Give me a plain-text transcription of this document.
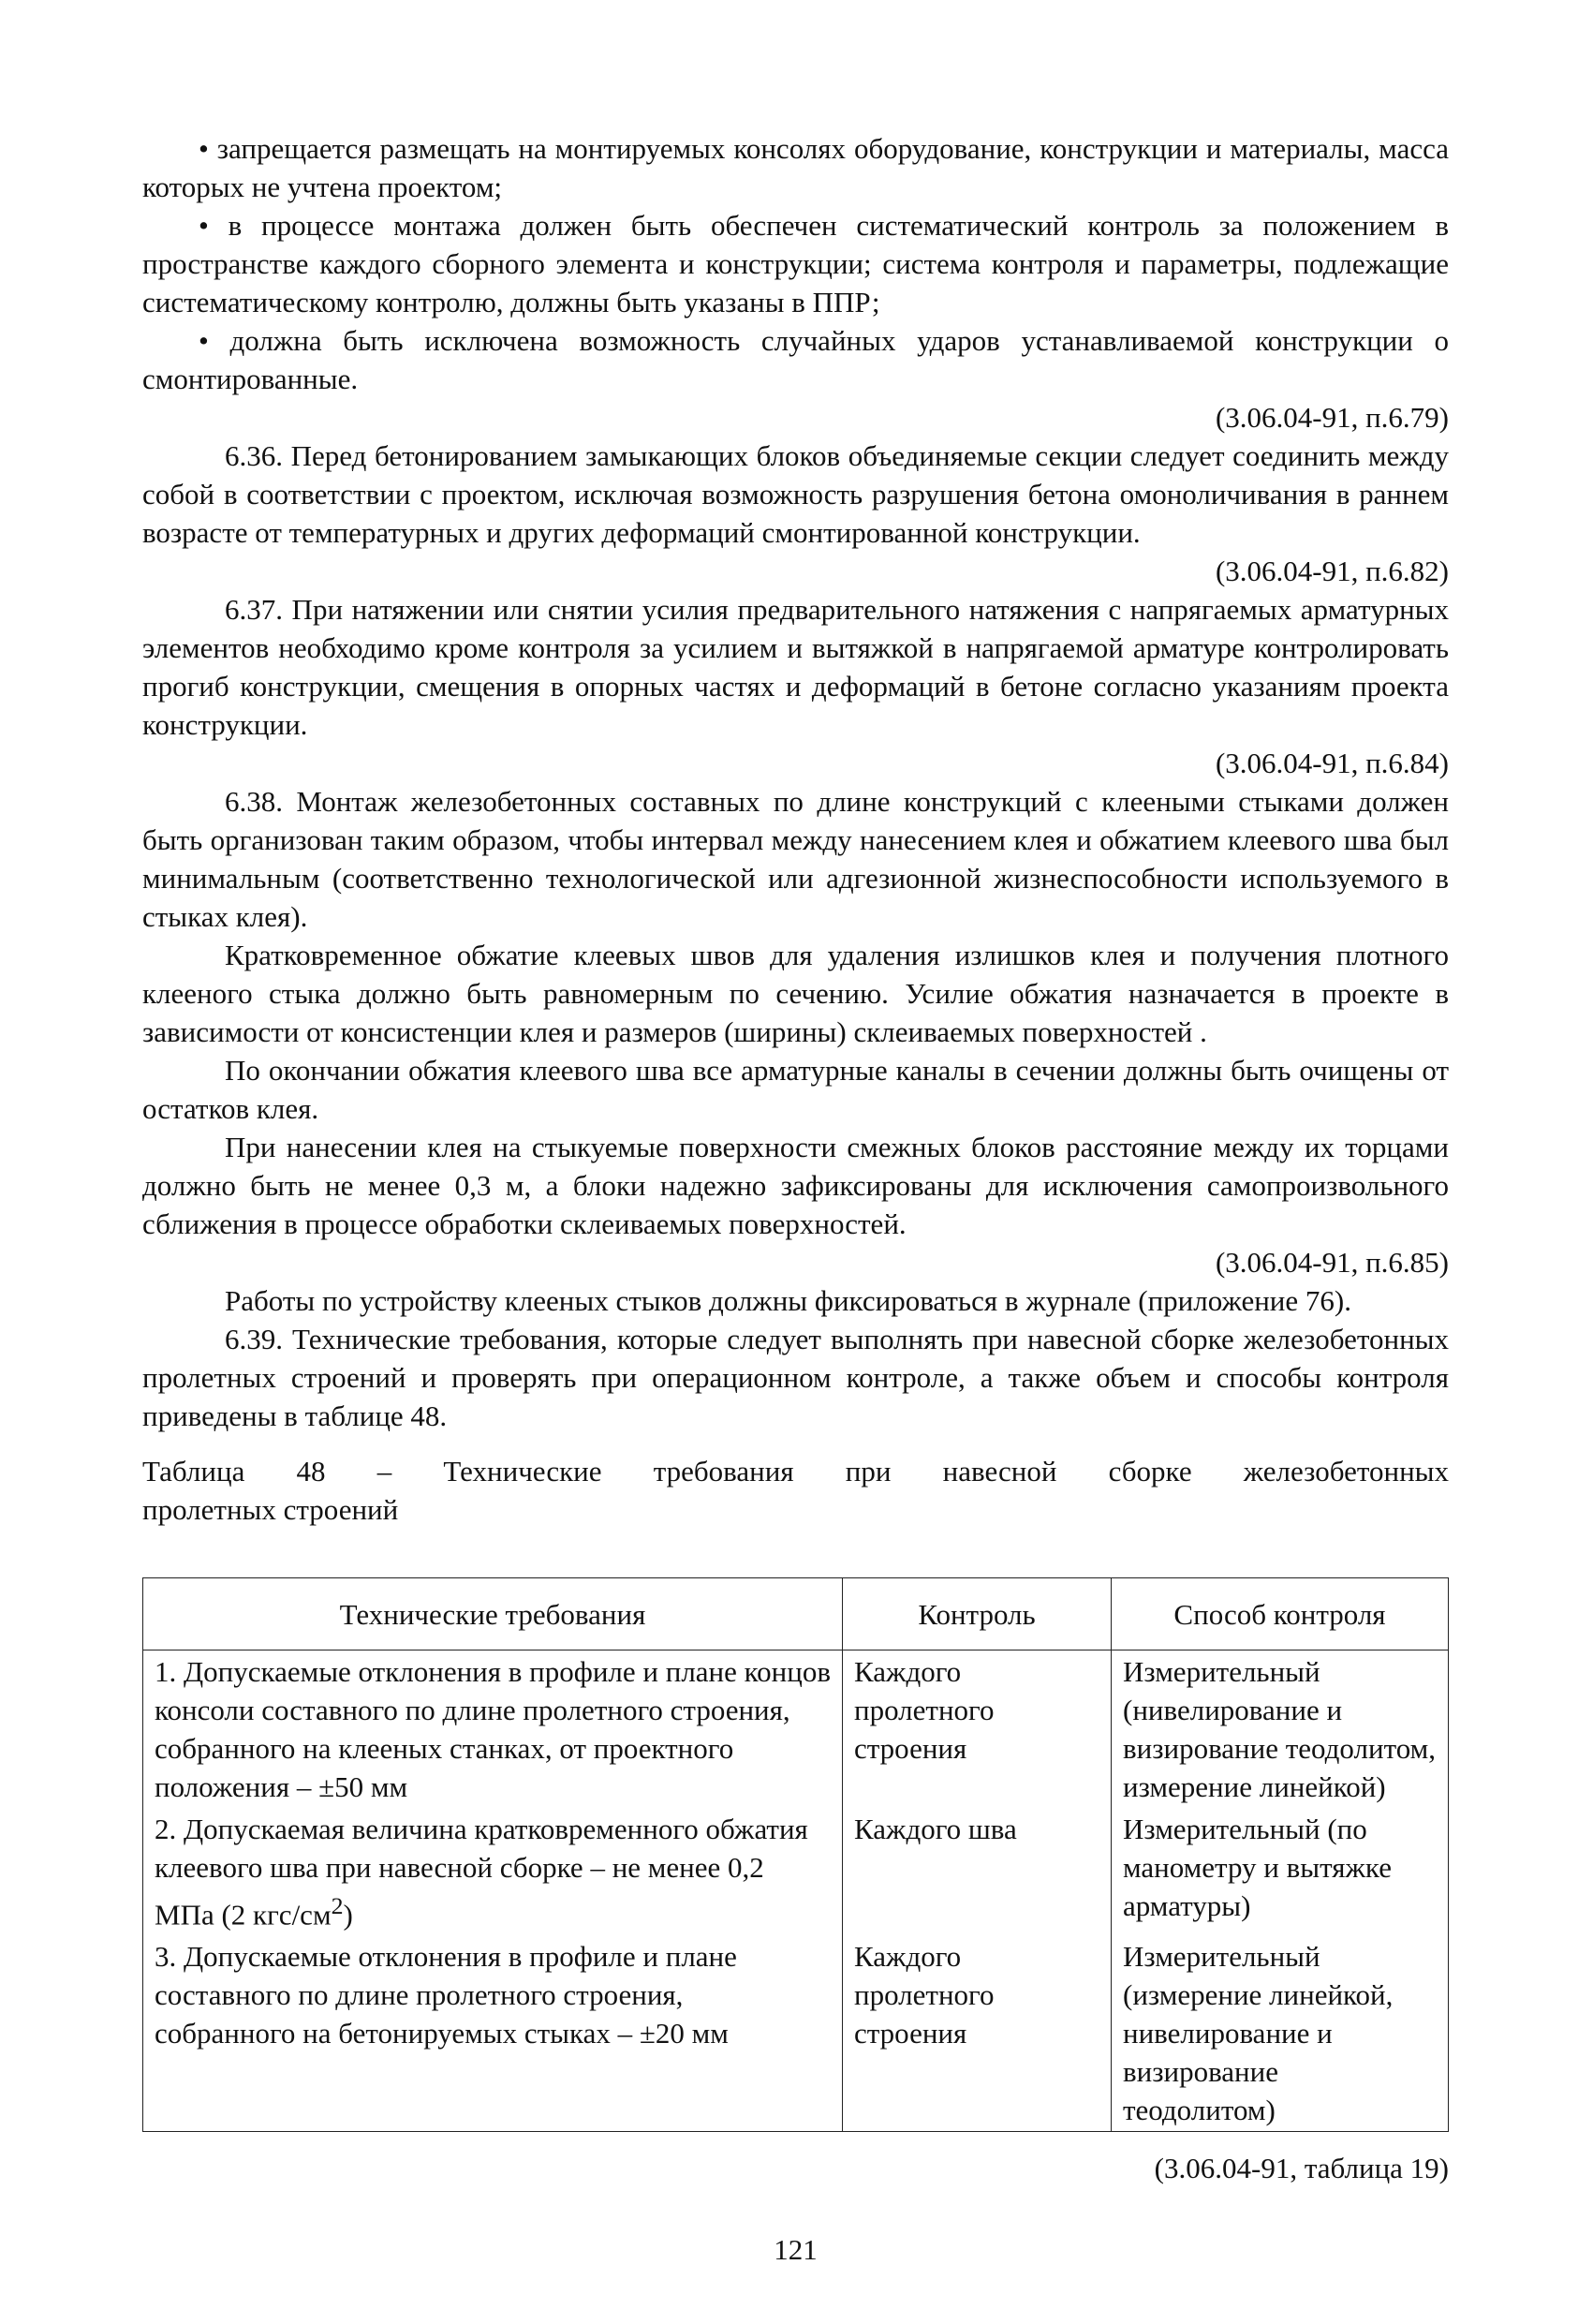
• запрещается размещать на монтируемых консолях оборудование, конструкции и материалы, масса которых не учтена проектом;

• в процессе монтажа должен быть обеспечен систематический контроль за положением в пространстве каждого сборного элемента и конструкции; система контроля и параметры, подлежащие систематическому контролю, должны быть указаны в ППР;

• должна быть исключена возможность случайных ударов устанавливаемой конструкции о смонтированные.

(3.06.04-91, п.6.79)

6.36. Перед бетонированием замыкающих блоков объединяемые секции следует соединить между собой в соответствии с проектом, исключая возможность разрушения бетона омоноличивания в раннем возрасте от температурных и других деформаций смонтированной конструкции.

(3.06.04-91, п.6.82)

6.37. При натяжении или снятии усилия предварительного натяжения с напрягаемых арматурных элементов необходимо кроме контроля за усилием и вытяжкой в напрягаемой арматуре контролировать прогиб конструкции, смещения в опорных частях и деформаций в бетоне согласно указаниям проекта конструкции.

(3.06.04-91, п.6.84)

6.38. Монтаж железобетонных составных по длине конструкций с клееными стыками должен быть организован таким образом, чтобы интервал между нанесением клея и обжатием клеевого шва был минимальным (соответственно технологической или адгезионной жизнеспособности используемого в стыках клея).

Кратковременное обжатие клеевых швов для удаления излишков клея и получения плотного клееного стыка должно быть равномерным по сечению. Усилие обжатия назначается в проекте в зависимости от консистенции клея и размеров (ширины) склеиваемых поверхностей .

По окончании обжатия клеевого шва все арматурные каналы в сечении должны быть очищены от остатков клея.

При нанесении клея на стыкуемые поверхности смежных блоков расстояние между их торцами должно быть не менее 0,3 м, а блоки надежно зафиксированы для исключения самопроизвольного сближения в процессе обработки склеиваемых поверхностей.

(3.06.04-91, п.6.85)

Работы по устройству клееных стыков должны фиксироваться в журнале (приложение 76).

6.39. Технические требования, которые следует выполнять при навесной сборке железобетонных пролетных строений и проверять при операционном контроле, а также объем и способы контроля приведены в таблице 48.

Таблица 48 – Технические требования при навесной сборке железобетонных
пролетных строений
Технические требования	Контроль	Способ контроля
1. Допускаемые отклонения в профиле и плане концов консоли составного по длине пролетного строения, собранного на клееных станках, от проектного положения – ±50 мм	Каждого пролетного строения	Измерительный (нивелирование и визирование теодолитом, измерение линейкой)
2. Допускаемая величина кратковременного обжатия клеевого шва при навесной сборке – не менее 0,2 МПа (2 кгс/$см^2$)	Каждого шва	Измерительный (по манометру и вытяжке арматуры)
3. Допускаемые отклонения в профиле и плане составного по длине пролетного строения, собранного на бетонируемых стыках – ±20 мм	Каждого пролетного строения	Измерительный (измерение линейкой, нивелирование и визирование теодолитом)

(3.06.04-91, таблица 19)

121
